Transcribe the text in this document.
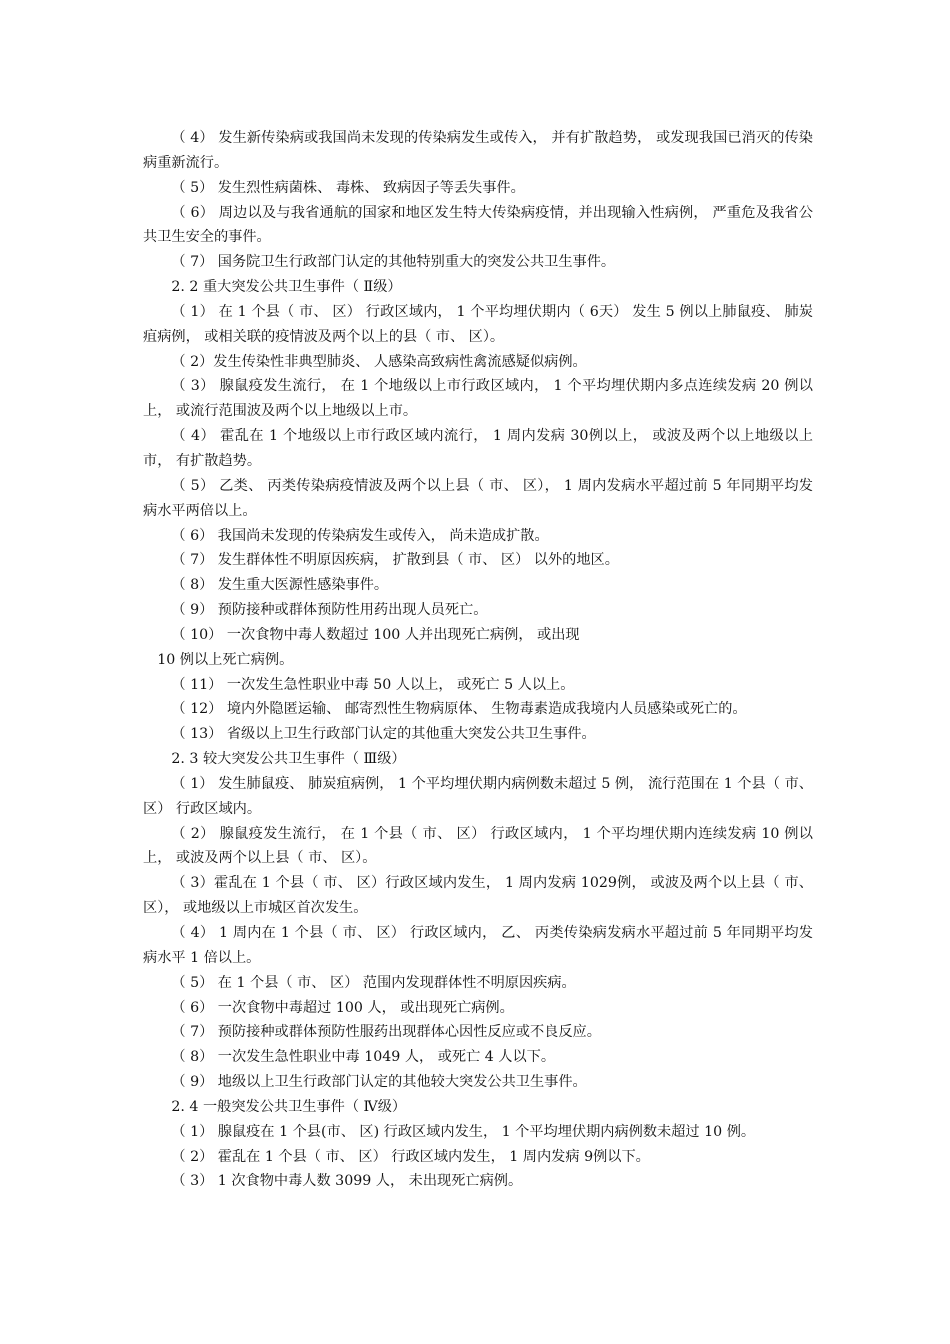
（ 4） 发生新传染病或我国尚未发现的传染病发生或传入， 并有扩散趋势， 或发现我国已消灭的传染病重新流行。

（ 5） 发生烈性病菌株、 毒株、 致病因子等丢失事件。

（ 6） 周边以及与我省通航的国家和地区发生特大传染病疫情，并出现输入性病例， 严重危及我省公共卫生安全的事件。

（ 7） 国务院卫生行政部门认定的其他特别重大的突发公共卫生事件。

2. 2 重大突发公共卫生事件（ Ⅱ级）

（ 1） 在 1 个县（ 市、 区） 行政区域内， 1 个平均埋伏期内（ 6天） 发生 5 例以上肺鼠疫、 肺炭疽病例， 或相关联的疫情波及两个以上的县（ 市、 区）。

（ 2）发生传染性非典型肺炎、 人感染高致病性禽流感疑似病例。

（ 3） 腺鼠疫发生流行， 在 1 个地级以上市行政区域内， 1 个平均埋伏期内多点连续发病 20 例以上， 或流行范围波及两个以上地级以上市。

（ 4） 霍乱在 1 个地级以上市行政区域内流行， 1 周内发病 30例以上， 或波及两个以上地级以上市， 有扩散趋势。

（ 5） 乙类、 丙类传染病疫情波及两个以上县（ 市、 区）， 1 周内发病水平超过前 5 年同期平均发病水平两倍以上。

（ 6） 我国尚未发现的传染病发生或传入， 尚未造成扩散。

（ 7） 发生群体性不明原因疾病， 扩散到县（ 市、 区） 以外的地区。

（ 8） 发生重大医源性感染事件。

（ 9） 预防接种或群体预防性用药出现人员死亡。

（ 10） 一次食物中毒人数超过 100 人并出现死亡病例， 或出现

10 例以上死亡病例。

（ 11） 一次发生急性职业中毒 50 人以上， 或死亡 5 人以上。

（ 12） 境内外隐匿运输、 邮寄烈性生物病原体、 生物毒素造成我境内人员感染或死亡的。

（ 13） 省级以上卫生行政部门认定的其他重大突发公共卫生事件。

2. 3 较大突发公共卫生事件（ Ⅲ级）

（ 1） 发生肺鼠疫、 肺炭疽病例， 1 个平均埋伏期内病例数未超过 5 例， 流行范围在 1 个县（ 市、 区） 行政区域内。

（ 2） 腺鼠疫发生流行， 在 1 个县（ 市、 区） 行政区域内， 1 个平均埋伏期内连续发病 10 例以上， 或波及两个以上县（ 市、 区）。

（ 3）霍乱在 1 个县（ 市、 区）行政区域内发生， 1 周内发病 1029例， 或波及两个以上县（ 市、 区）， 或地级以上市城区首次发生。

（ 4） 1 周内在 1 个县（ 市、 区） 行政区域内， 乙、 丙类传染病发病水平超过前 5 年同期平均发病水平 1 倍以上。

（ 5） 在 1 个县（ 市、 区） 范围内发现群体性不明原因疾病。

（ 6） 一次食物中毒超过 100 人， 或出现死亡病例。

（ 7） 预防接种或群体预防性服药出现群体心因性反应或不良反应。

（ 8） 一次发生急性职业中毒 1049 人， 或死亡 4 人以下。

（ 9） 地级以上卫生行政部门认定的其他较大突发公共卫生事件。

2. 4 一般突发公共卫生事件（ Ⅳ级）

（ 1） 腺鼠疫在 1 个县(市、 区) 行政区域内发生， 1 个平均埋伏期内病例数未超过 10 例。

（ 2） 霍乱在 1 个县（ 市、 区） 行政区域内发生， 1 周内发病 9例以下。

（ 3） 1 次食物中毒人数 3099 人， 未出现死亡病例。
